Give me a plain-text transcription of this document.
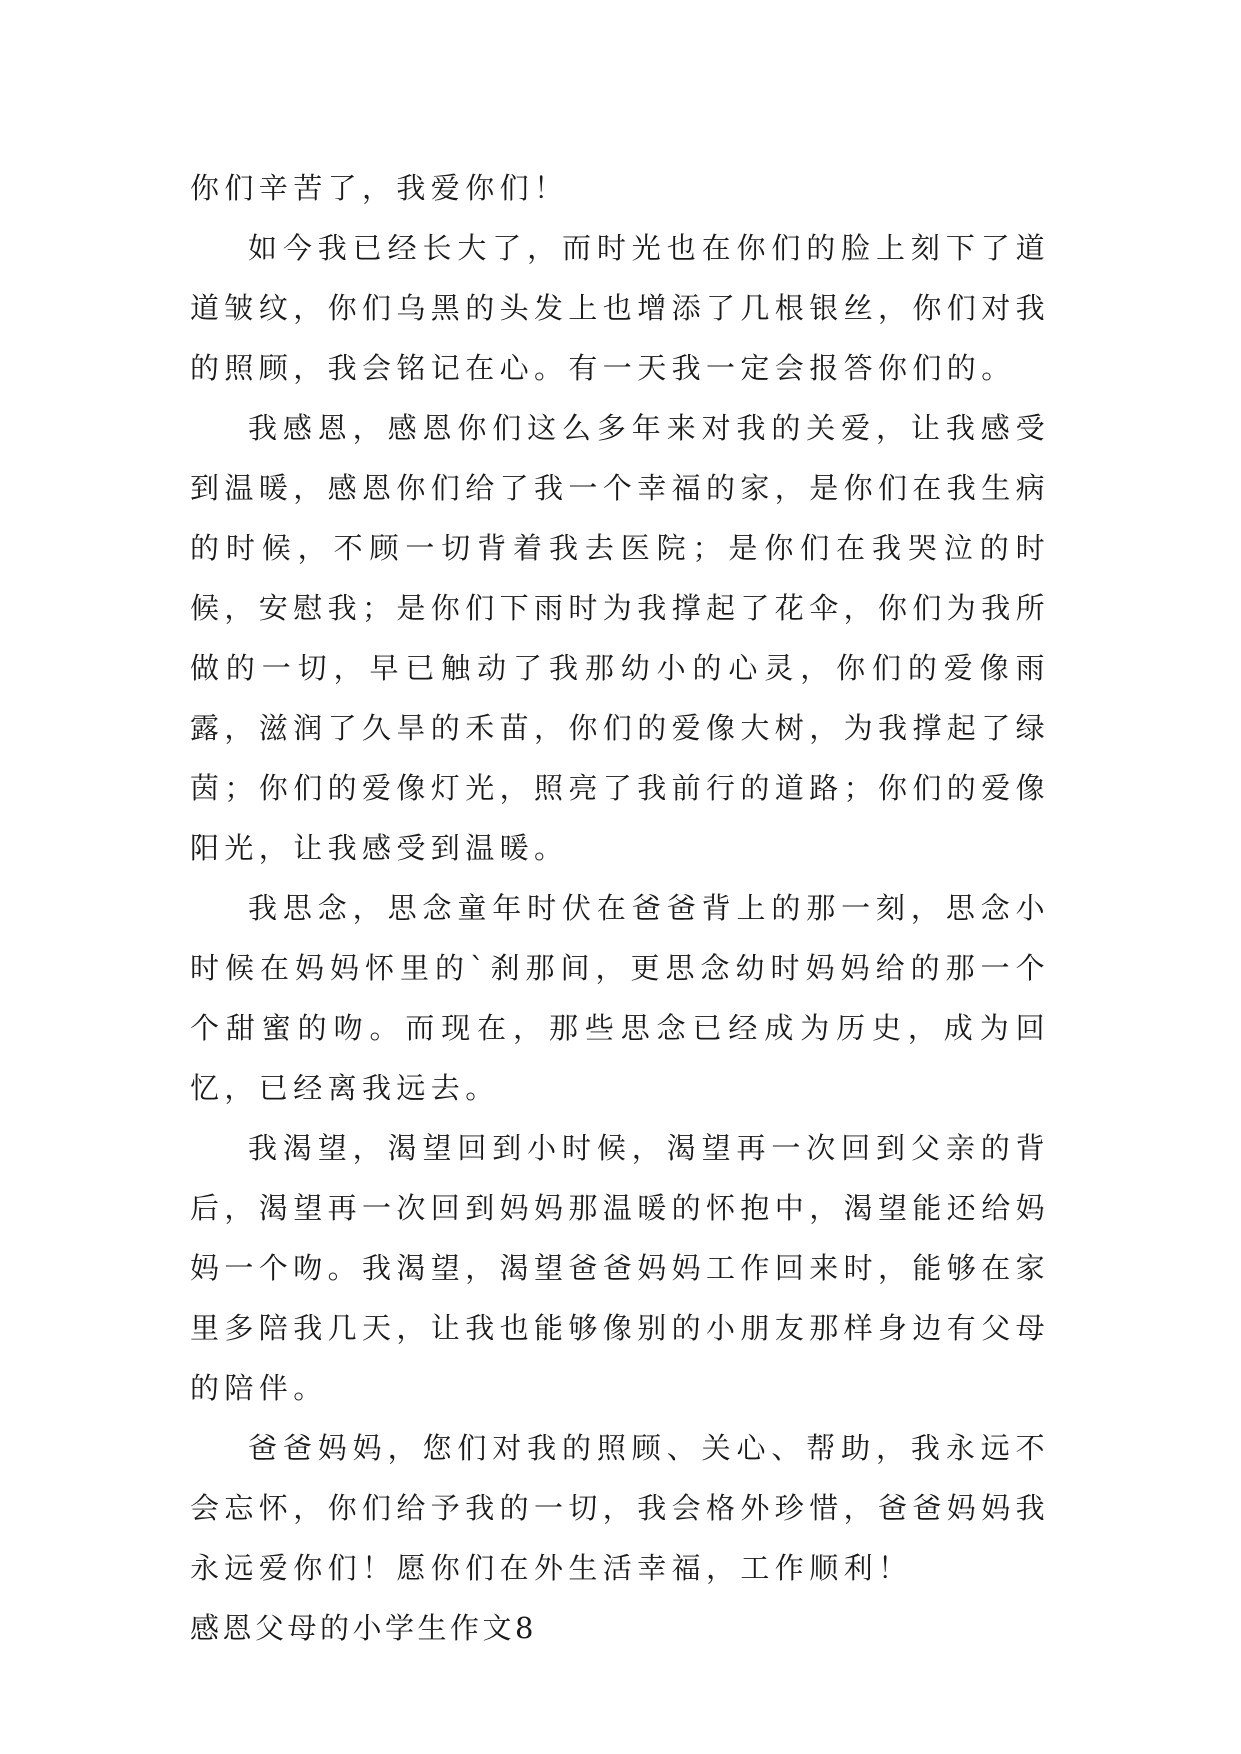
你们辛苦了，我爱你们！

如今我已经长大了，而时光也在你们的脸上刻下了道道皱纹，你们乌黑的头发上也增添了几根银丝，你们对我的照顾，我会铭记在心。有一天我一定会报答你们的。

我感恩，感恩你们这么多年来对我的关爱，让我感受到温暖，感恩你们给了我一个幸福的家，是你们在我生病的时候，不顾一切背着我去医院；是你们在我哭泣的时候，安慰我；是你们下雨时为我撑起了花伞，你们为我所做的一切，早已触动了我那幼小的心灵，你们的爱像雨露，滋润了久旱的禾苗，你们的爱像大树，为我撑起了绿茵；你们的爱像灯光，照亮了我前行的道路；你们的爱像阳光，让我感受到温暖。

我思念，思念童年时伏在爸爸背上的那一刻，思念小时候在妈妈怀里的`刹那间，更思念幼时妈妈给的那一个个甜蜜的吻。而现在，那些思念已经成为历史，成为回忆，已经离我远去。

我渴望，渴望回到小时候，渴望再一次回到父亲的背后，渴望再一次回到妈妈那温暖的怀抱中，渴望能还给妈妈一个吻。我渴望，渴望爸爸妈妈工作回来时，能够在家里多陪我几天，让我也能够像别的小朋友那样身边有父母的陪伴。

爸爸妈妈，您们对我的照顾、关心、帮助，我永远不会忘怀，你们给予我的一切，我会格外珍惜，爸爸妈妈我永远爱你们！愿你们在外生活幸福，工作顺利！

感恩父母的小学生作文8
